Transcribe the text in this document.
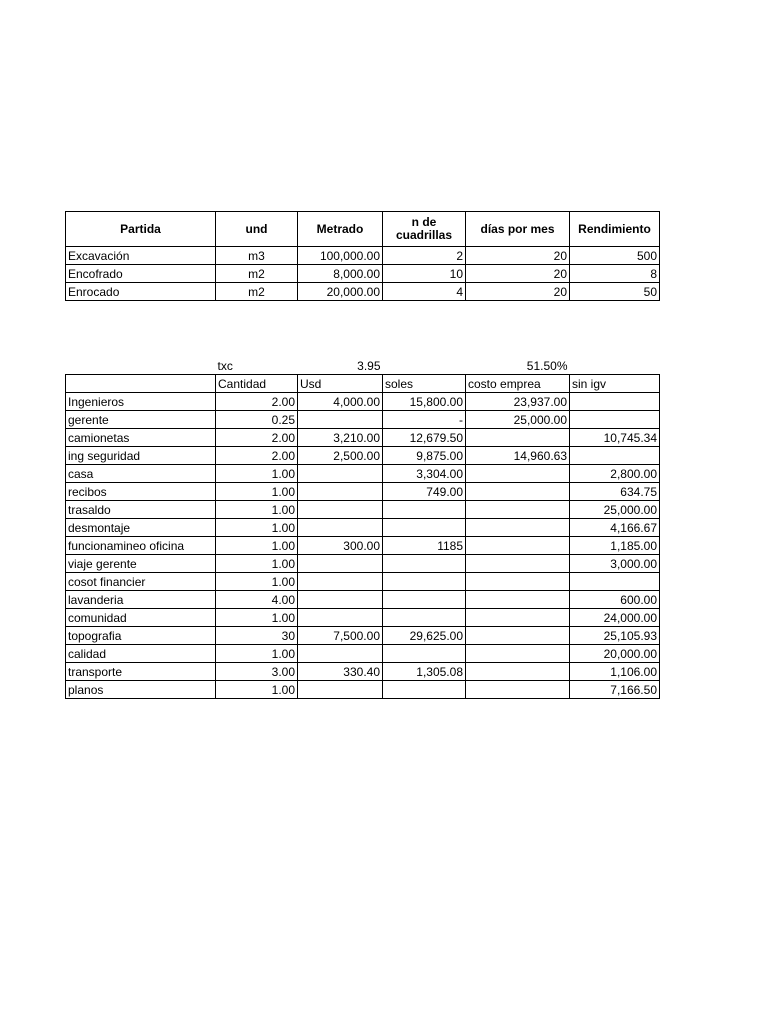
Partida	und	Metrado	n de cuadrillas	días por mes	Rendimiento
Excavación	m3	100,000.00	2	20	500
Encofrado	m2	8,000.00	10	20	8
Enrocado	m2	20,000.00	4	20	50
	txc	3.95		51.50%	
	Cantidad	Usd	soles	costo emprea	sin igv
Ingenieros	2.00	4,000.00	15,800.00	23,937.00	
gerente	0.25		-	25,000.00	
camionetas	2.00	3,210.00	12,679.50		10,745.34
ing seguridad	2.00	2,500.00	9,875.00	14,960.63	
casa	1.00		3,304.00		2,800.00
recibos	1.00		749.00		634.75
trasaldo	1.00				25,000.00
desmontaje	1.00				4,166.67
funcionamineo oficina	1.00	300.00	1185		1,185.00
viaje gerente	1.00				3,000.00
cosot financier	1.00				
lavanderia	4.00				600.00
comunidad	1.00				24,000.00
topografia	30	7,500.00	29,625.00		25,105.93
calidad	1.00				20,000.00
transporte	3.00	330.40	1,305.08		1,106.00
planos	1.00				7,166.50
